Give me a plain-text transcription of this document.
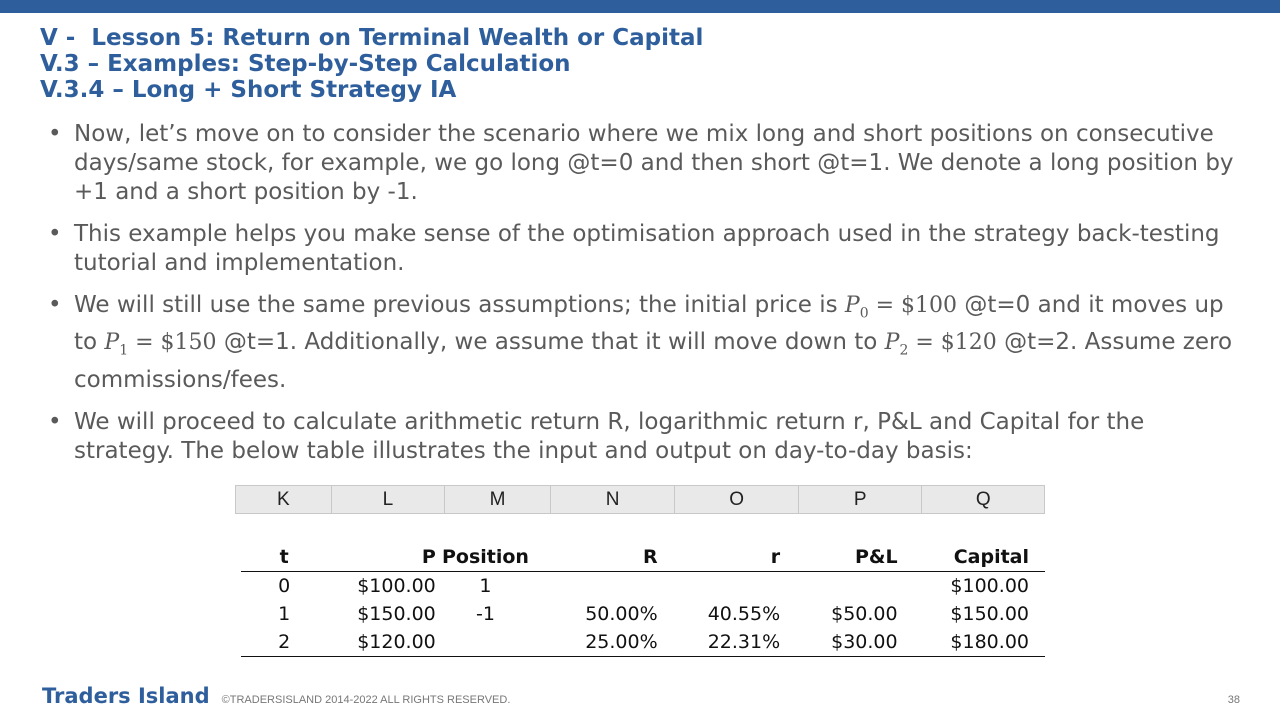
V -  Lesson 5: Return on Terminal Wealth or Capital
V.3 – Examples: Step-by-Step Calculation
V.3.4 – Long + Short Strategy IA
• Now, let’s move on to consider the scenario where we mix long and short positions on consecutive days/same stock, for example, we go long @t=0 and then short @t=1. We denote a long position by +1 and a short position by -1.
• This example helps you make sense of the optimisation approach used in the strategy back-testing tutorial and implementation.
• We will still use the same previous assumptions; the initial price is $P_0$ = $100 @t=0 and it moves up to $P_1$ = $150 @t=1. Additionally, we assume that it will move down to $P_2$ = $120 @t=2. Assume zero commissions/fees.
• We will proceed to calculate arithmetic return R, logarithmic return r, P&L and Capital for the strategy. The below table illustrates the input and output on day-to-day basis:
K	L	M	N	O	P	Q
t	P	Position	R	r	P&L	Capital
0	$100.00	1				$100.00
1	$150.00	-1	50.00%	40.55%	$50.00	$150.00
2	$120.00		25.00%	22.31%	$30.00	$180.00
Traders Island ©TRADERSISLAND 2014-2022 ALL RIGHTS RESERVED.	38
